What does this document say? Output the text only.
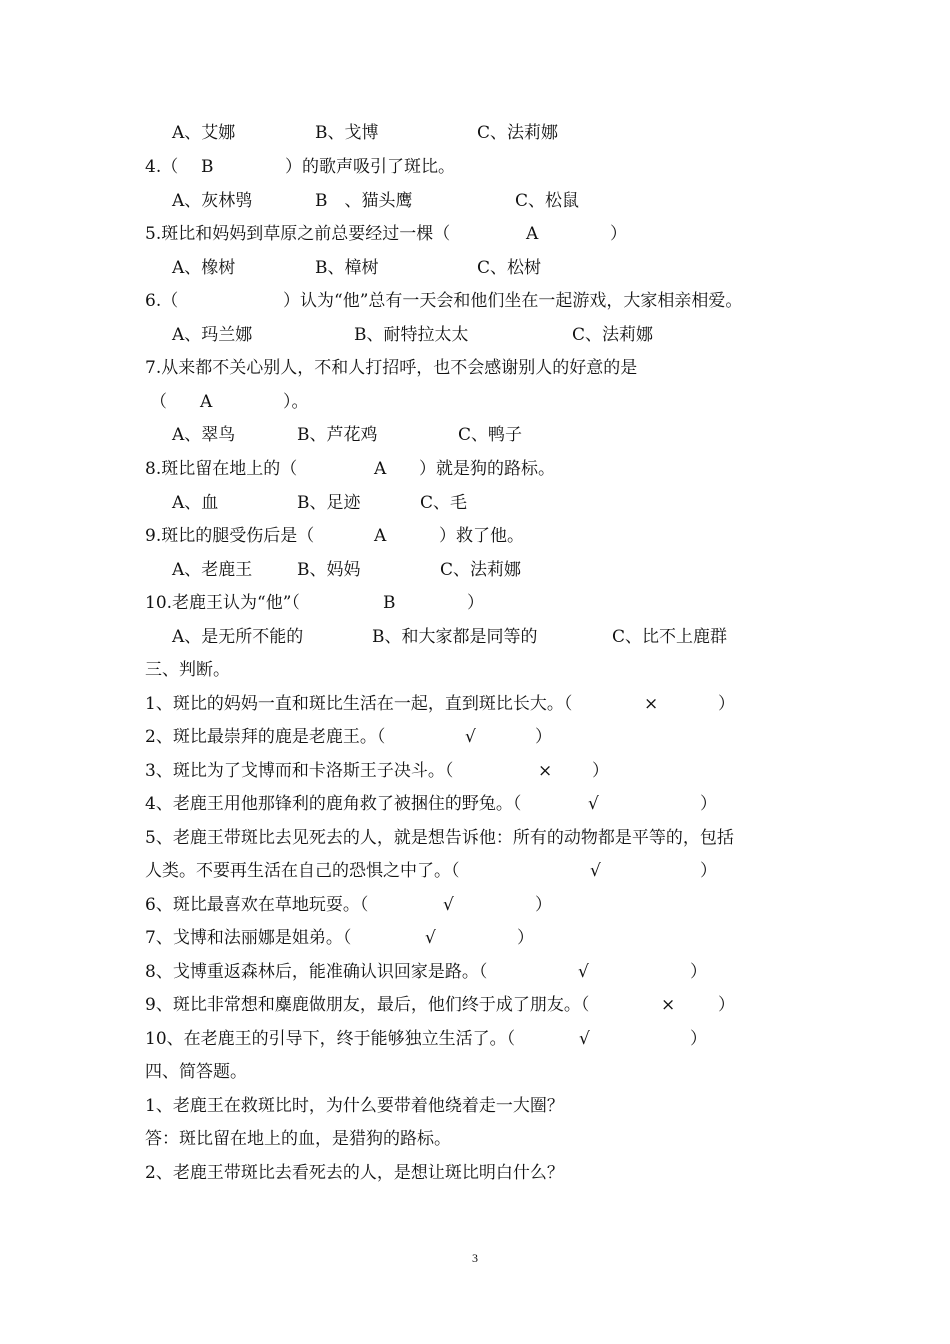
A、艾娜

	B、戈博

	C、法莉娜

4.（

B

	）的歌声吸引了斑比。

A、灰林鸮

	B　、猫头鹰

	C、松鼠

5.斑比和妈妈到草原之前总要经过一棵（

	A

	）

A、橡树

	B、樟树

	C、松树

6.（

	）认为“他”总有一天会和他们坐在一起游戏，大家相亲相爱。

A、玛兰娜

	B、耐特拉太太

	C、法莉娜

7.从来都不关心别人，不和人打招呼，也不会感谢别人的好意的是

（

A

	）。

A、翠鸟

	B、芦花鸡

	C、鸭子

8.斑比留在地上的（

	A

）就是狗的路标。

A、血

	B、足迹

	C、毛

9.斑比的腿受伤后是（

	A

	）救了他。

A、老鹿王

	B、妈妈

	C、法莉娜

10.老鹿王认为“他”（

	B

	）

A、是无所不能的

	B、和大家都是同等的

	C、比不上鹿群

三、判断。

1、斑比的妈妈一直和斑比生活在一起，直到斑比长大。（

	×

	）

2、斑比最崇拜的鹿是老鹿王。（

	√

	）

3、斑比为了戈博而和卡洛斯王子决斗。（

	×

）

4、老鹿王用他那锋利的鹿角救了被捆住的野兔。（

	√

	）

5、老鹿王带斑比去见死去的人，就是想告诉他：所有的动物都是平等的，包括

人类。不要再生活在自己的恐惧之中了。（

	√

	）

6、斑比最喜欢在草地玩耍。（

	√

	）

7、戈博和法丽娜是姐弟。（

	√

	）

8、戈博重返森林后，能准确认识回家是路。（

	√

	）

9、斑比非常想和麋鹿做朋友，最后，他们终于成了朋友。（

	×

	）

10、在老鹿王的引导下，终于能够独立生活了。（

	√

	）

四、简答题。
1、老鹿王在救斑比时，为什么要带着他绕着走一大圈？
答：斑比留在地上的血，是猎狗的路标。
2、老鹿王带斑比去看死去的人，是想让斑比明白什么？
3
